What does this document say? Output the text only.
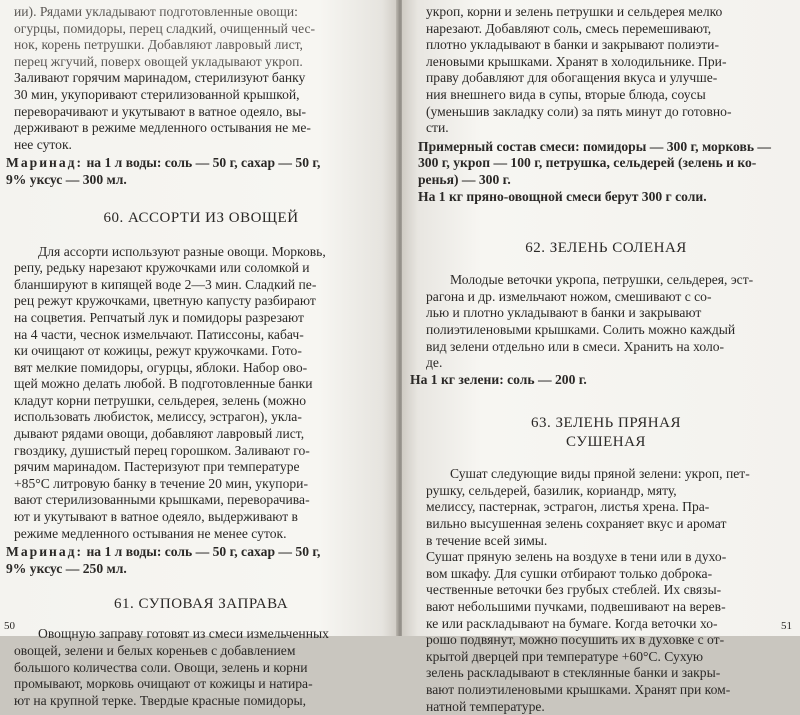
ии). Рядами укладывают подготовленные овощи:

огурцы, помидоры, перец сладкий, очищенный чес-

нок, корень петрушки. Добавляют лавровый лист,

перец жгучий, поверх овощей укладывают укроп.

Заливают горячим маринадом, стерилизуют банку

30 мин, укупоривают стерилизованной крышкой,

переворачивают и укутывают в ватное одеяло, вы-

держивают в режиме медленного остывания не ме-

нее суток.

Маринад: на 1 л воды: соль — 50 г, сахар — 50 г,

9% уксус — 300 мл.

60. АССОРТИ ИЗ ОВОЩЕЙ

Для ассорти используют разные овощи. Морковь,

репу, редьку нарезают кружочками или соломкой и

бланшируют в кипящей воде 2—3 мин. Сладкий пе-

рец режут кружочками, цветную капусту разбирают

на соцветия. Репчатый лук и помидоры разрезают

на 4 части, чеснок измельчают. Патиссоны, кабач-

ки очищают от кожицы, режут кружочками. Гото-

вят мелкие помидоры, огурцы, яблоки. Набор ово-

щей можно делать любой. В подготовленные банки

кладут корни петрушки, сельдерея, зелень (можно

использовать любисток, мелиссу, эстрагон), укла-

дывают рядами овощи, добавляют лавровый лист,

гвоздику, душистый перец горошком. Заливают го-

рячим маринадом. Пастеризуют при температуре

+85°C литровую банку в течение 20 мин, укупори-

вают стерилизованными крышками, переворачива-

ют и укутывают в ватное одеяло, выдерживают в

режиме медленного остывания не менее суток.

Маринад: на 1 л воды: соль — 50 г, сахар — 50 г,

9% уксус — 250 мл.

61. СУПОВАЯ ЗАПРАВА

Овощную заправу готовят из смеси измельченных

овощей, зелени и белых кореньев с добавлением

большого количества соли. Овощи, зелень и корни

промывают, морковь очищают от кожицы и натира-

ют на крупной терке. Твердые красные помидоры,

50

укроп, корни и зелень петрушки и сельдерея мелко

нарезают. Добавляют соль, смесь перемешивают,

плотно укладывают в банки и закрывают полиэти-

леновыми крышками. Хранят в холодильнике. При-

праву добавляют для обогащения вкуса и улучше-

ния внешнего вида в супы, вторые блюда, соусы

(уменьшив закладку соли) за пять минут до готовно-

сти.

Примерный состав смеси: помидоры — 300 г, морковь —

300 г, укроп — 100 г, петрушка, сельдерей (зелень и ко-

ренья) — 300 г.

На 1 кг пряно-овощной смеси берут 300 г соли.

62. ЗЕЛЕНЬ СОЛЕНАЯ

Молодые веточки укропа, петрушки, сельдерея, эст-

рагона и др. измельчают ножом, смешивают с со-

лью и плотно укладывают в банки и закрывают

полиэтиленовыми крышками. Солить можно каждый

вид зелени отдельно или в смеси. Хранить на холо-

де.

На 1 кг зелени: соль — 200 г.

63. ЗЕЛЕНЬ ПРЯНАЯ
СУШЕНАЯ

Сушат следующие виды пряной зелени: укроп, пет-

рушку, сельдерей, базилик, кориандр, мяту,

мелиссу, пастернак, эстрагон, листья хрена. Пра-

вильно высушенная зелень сохраняет вкус и аромат

в течение всей зимы.

Сушат пряную зелень на воздухе в тени или в духо-

вом шкафу. Для сушки отбирают только доброка-

чественные веточки без грубых стеблей. Их связы-

вают небольшими пучками, подвешивают на верев-

ке или раскладывают на бумаге. Когда веточки хо-

рошо подвянут, можно посушить их в духовке с от-

крытой дверцей при температуре +60°C. Сухую

зелень раскладывают в стеклянные банки и закры-

вают полиэтиленовыми крышками. Хранят при ком-

натной температуре.

51
